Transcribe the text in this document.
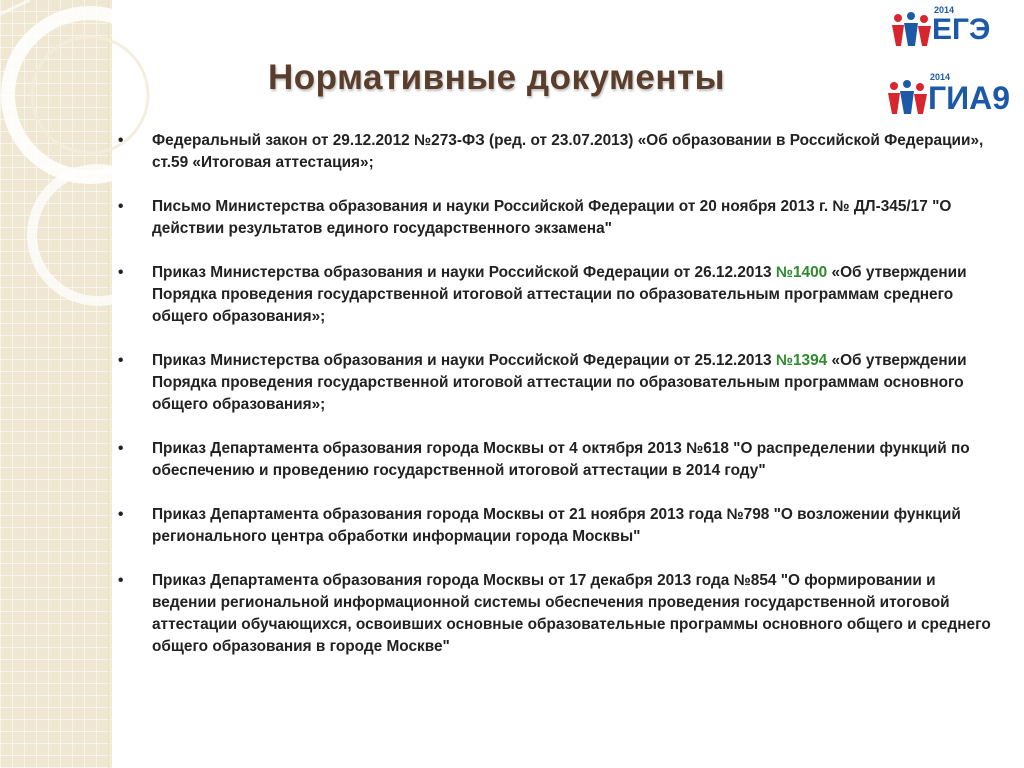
Нормативные документы
2014
ЕГЭ
2014
ГИА9
•	Федеральный закон от 29.12.2012 №273-ФЗ (ред. от 23.07.2013) «Об образовании в Российской Федерации», ст.59 «Итоговая аттестация»;
•	Письмо Министерства образования и науки Российской Федерации от 20 ноября 2013 г. № ДЛ-345/17 "О действии результатов единого государственного экзамена"
•	Приказ Министерства образования и науки Российской Федерации от 26.12.2013 №1400 «Об утверждении Порядка проведения государственной итоговой аттестации по образовательным программам среднего общего образования»;
•	Приказ Министерства образования и науки Российской Федерации от 25.12.2013 №1394 «Об утверждении Порядка проведения государственной итоговой аттестации по образовательным программам основного общего образования»;
•	Приказ Департамента образования города Москвы от 4 октября 2013 №618 "О распределении функций по обеспечению и проведению государственной итоговой аттестации в 2014 году"
•	Приказ Департамента образования города Москвы от 21 ноября 2013 года №798 "О возложении функций регионального центра обработки информации города Москвы"
•	Приказ Департамента образования города Москвы от 17 декабря 2013 года №854 "О формировании и ведении региональной информационной системы обеспечения проведения государственной итоговой аттестации обучающихся, освоивших основные образовательные программы основного общего и среднего общего образования в городе Москве"
